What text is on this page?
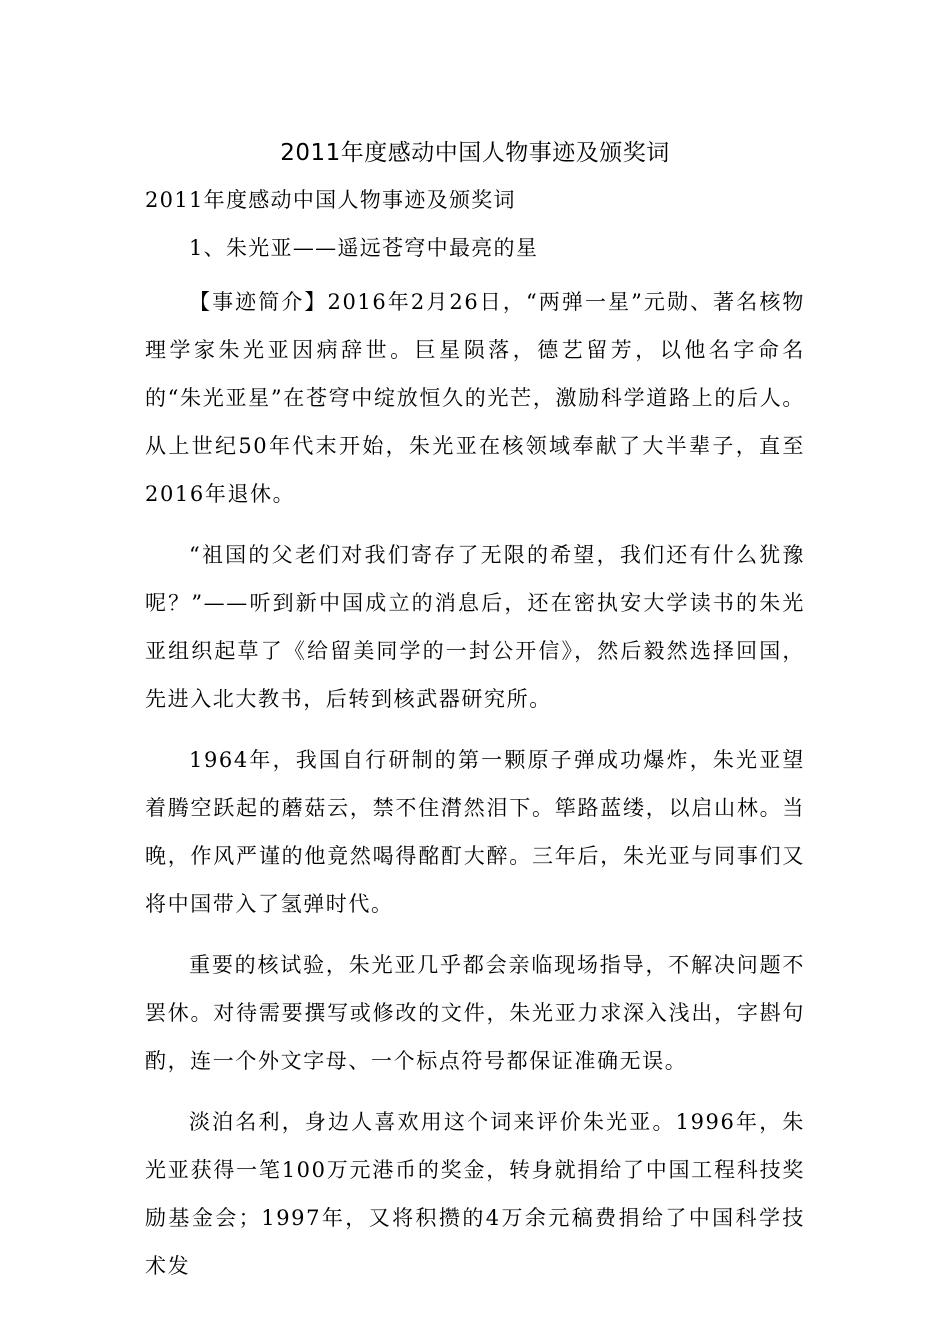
2011年度感动中国人物事迹及颁奖词

2011年度感动中国人物事迹及颁奖词

1、朱光亚——遥远苍穹中最亮的星

【事迹简介】2016年2月26日，“两弹一星”元勋、著名核物理学家朱光亚因病辞世。巨星陨落，德艺留芳，以他名字命名的“朱光亚星”在苍穹中绽放恒久的光芒，激励科学道路上的后人。从上世纪50年代末开始，朱光亚在核领域奉献了大半辈子，直至2016年退休。

“祖国的父老们对我们寄存了无限的希望，我们还有什么犹豫呢？”——听到新中国成立的消息后，还在密执安大学读书的朱光亚组织起草了《给留美同学的一封公开信》，然后毅然选择回国，先进入北大教书，后转到核武器研究所。

1964年，我国自行研制的第一颗原子弹成功爆炸，朱光亚望着腾空跃起的蘑菇云，禁不住潸然泪下。筚路蓝缕，以启山林。当晚，作风严谨的他竟然喝得酩酊大醉。三年后，朱光亚与同事们又将中国带入了氢弹时代。

重要的核试验，朱光亚几乎都会亲临现场指导，不解决问题不罢休。对待需要撰写或修改的文件，朱光亚力求深入浅出，字斟句酌，连一个外文字母、一个标点符号都保证准确无误。

淡泊名利，身边人喜欢用这个词来评价朱光亚。1996年，朱光亚获得一笔100万元港币的奖金，转身就捐给了中国工程科技奖励基金会；1997年，又将积攒的4万余元稿费捐给了中国科学技术发
